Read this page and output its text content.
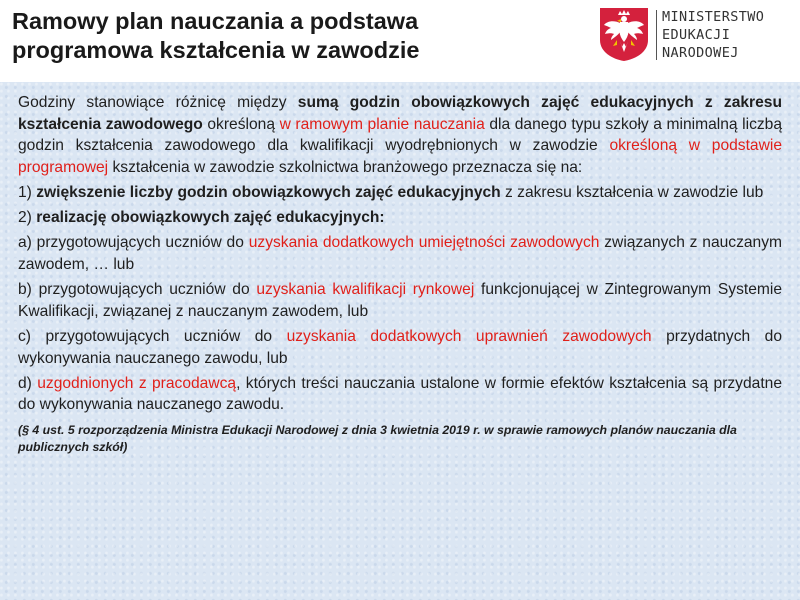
Ramowy plan nauczania a podstawa
programowa kształcenia w zawodzie
MINISTERSTWO
EDUKACJI
NARODOWEJ

Godziny stanowiące różnicę między sumą godzin obowiązkowych zajęć edukacyjnych z zakresu kształcenia zawodowego określoną w ramowym planie nauczania dla danego typu szkoły a minimalną liczbą godzin kształcenia zawodowego dla kwalifikacji wyodrębnionych w zawodzie określoną w podstawie programowej kształcenia w zawodzie szkolnictwa branżowego przeznacza się na:

1) zwiększenie liczby godzin obowiązkowych zajęć edukacyjnych z zakresu kształcenia w zawodzie lub

2) realizację obowiązkowych zajęć edukacyjnych:

a) przygotowujących uczniów do uzyskania dodatkowych umiejętności zawodowych związanych z nauczanym zawodem, … lub

b) przygotowujących uczniów do uzyskania kwalifikacji rynkowej funkcjonującej w Zintegrowanym Systemie Kwalifikacji, związanej z nauczanym zawodem, lub

c) przygotowujących uczniów do uzyskania dodatkowych uprawnień zawodowych przydatnych do wykonywania nauczanego zawodu, lub

d) uzgodnionych z pracodawcą, których treści nauczania ustalone w formie efektów kształcenia są przydatne do wykonywania nauczanego zawodu.

(§ 4 ust. 5 rozporządzenia Ministra Edukacji Narodowej z dnia 3 kwietnia 2019 r. w sprawie ramowych planów nauczania dla publicznych szkół)
